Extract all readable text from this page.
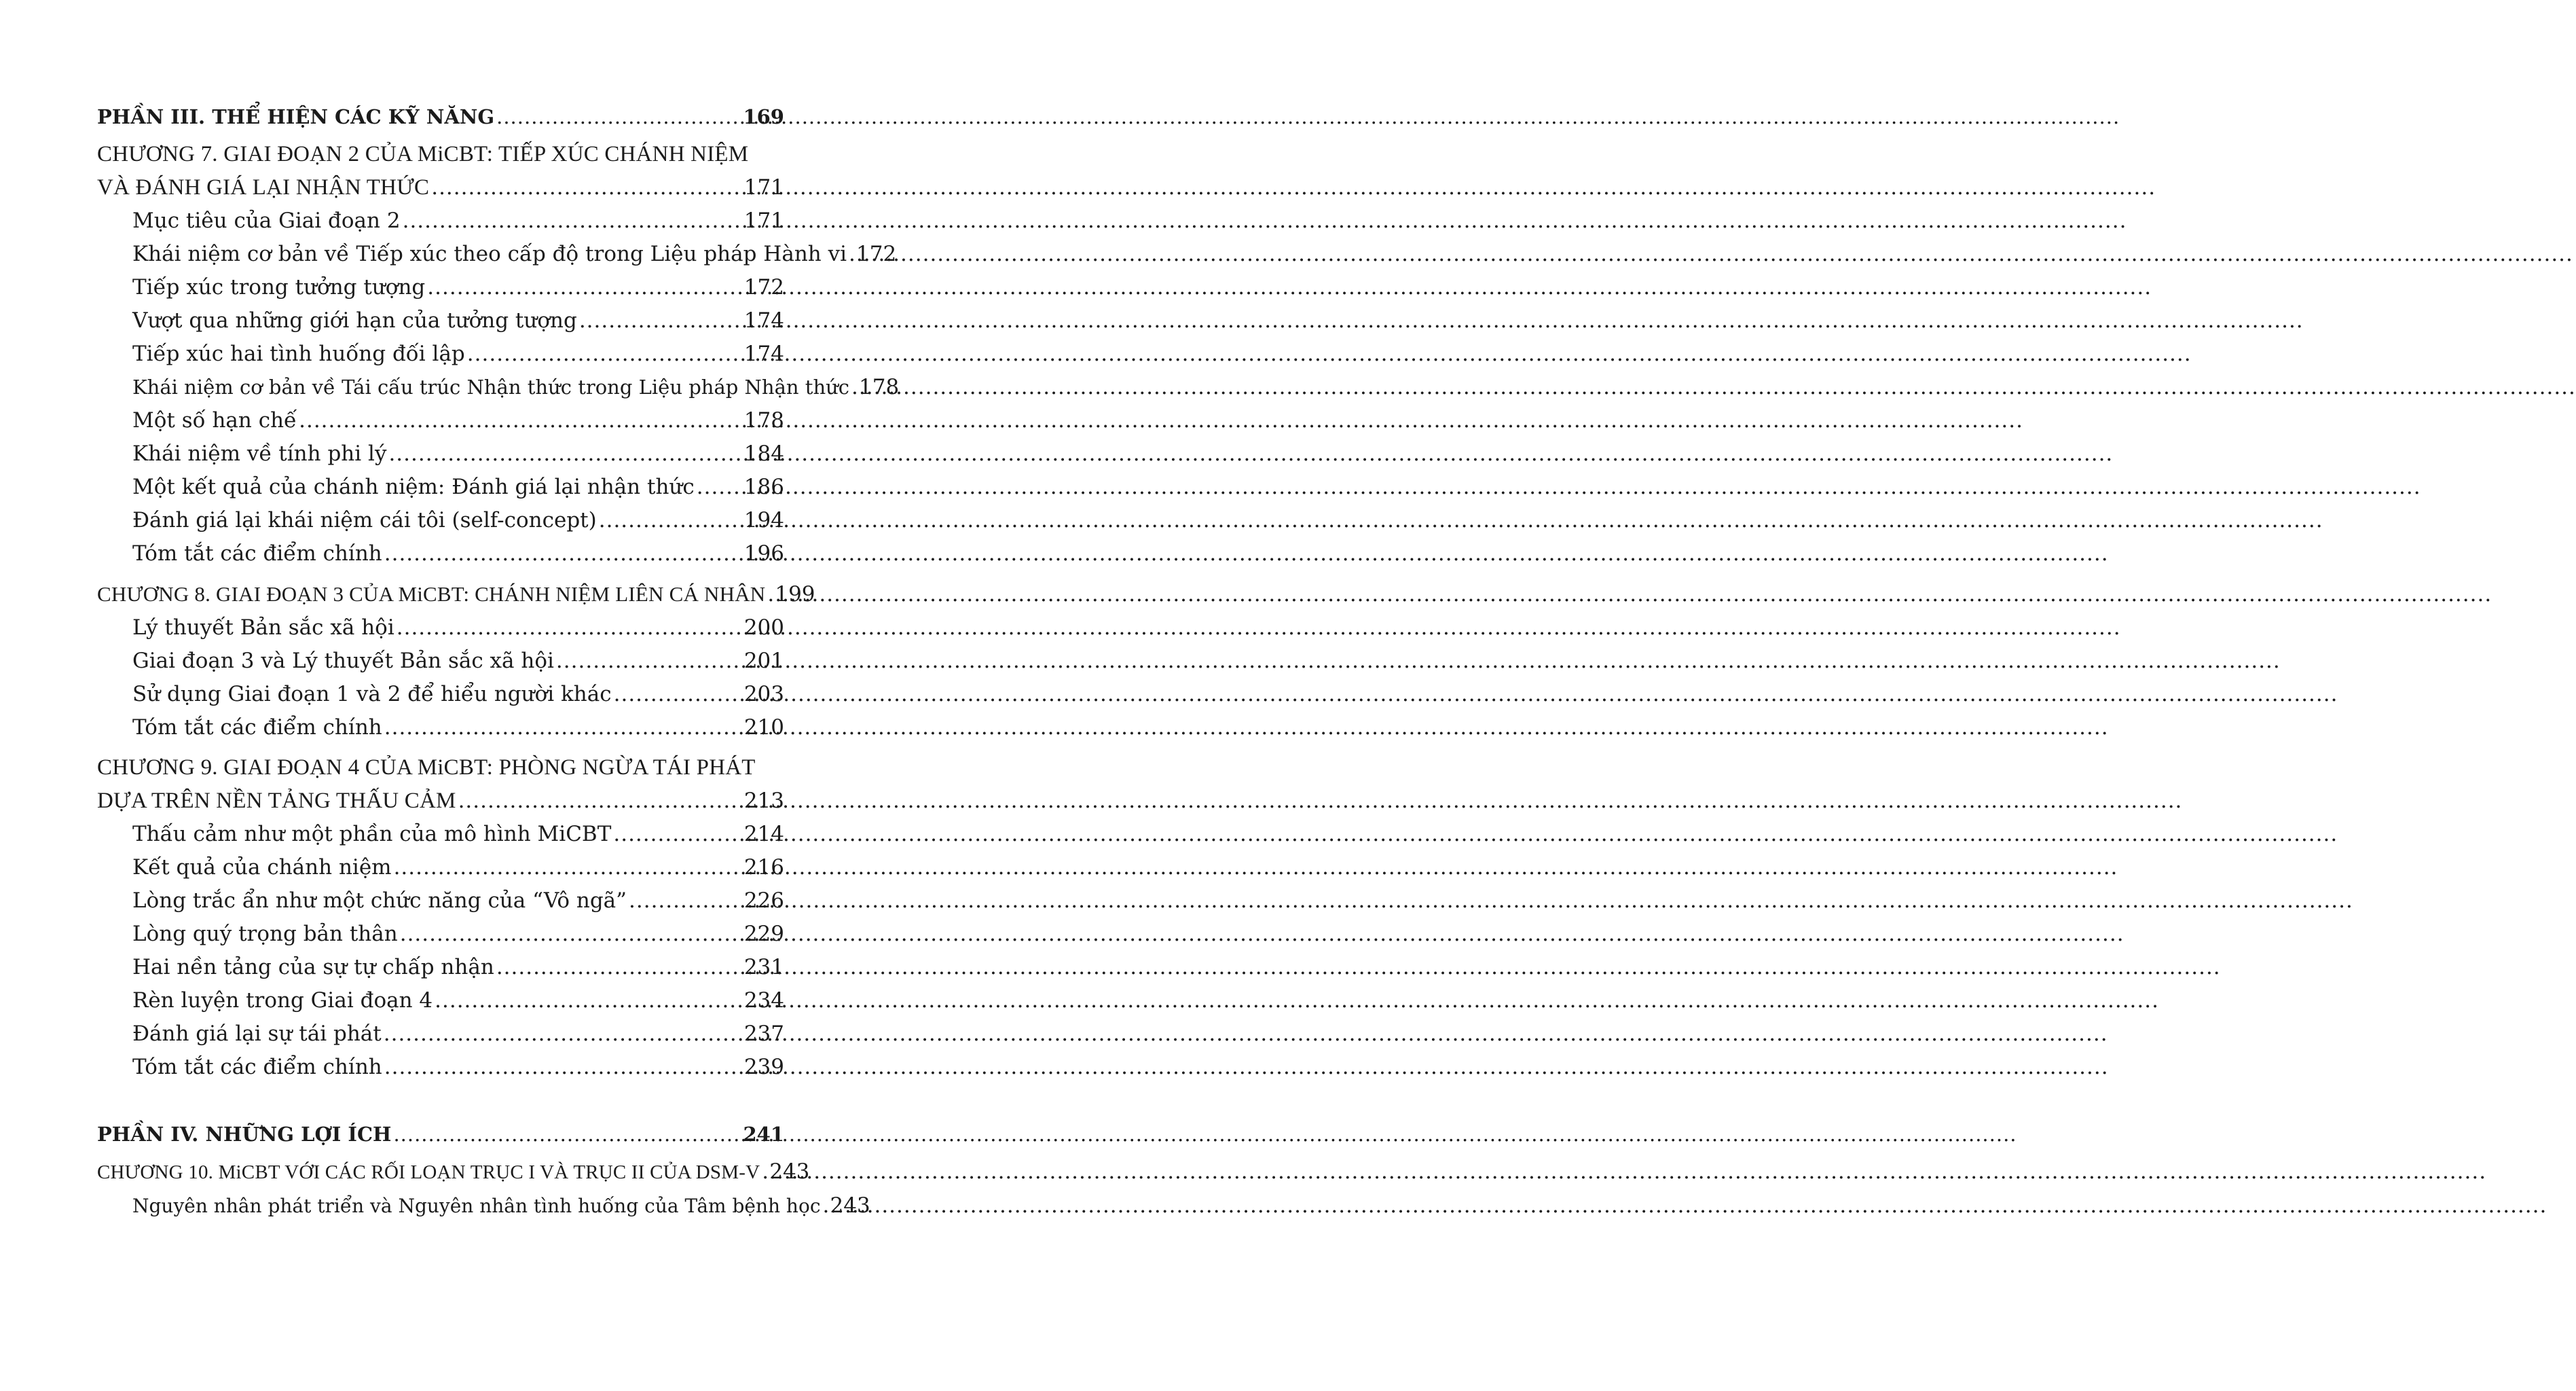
PHẦN III. THỂ HIỆN CÁC KỸ NĂNG .....	169
CHƯƠNG 7. GIAI ĐOẠN 2 CỦA MiCBT: TIẾP XÚC CHÁNH NIỆM
VÀ ĐÁNH GIÁ LẠI NHẬN THỨC .....	171
Mục tiêu của Giai đoạn 2 .....	171
Khái niệm cơ bản về Tiếp xúc theo cấp độ trong Liệu pháp Hành vi ..... 172
Tiếp xúc trong tưởng tượng .....	172
Vượt qua những giới hạn của tưởng tượng .....	174
Tiếp xúc hai tình huống đối lập .....	174
Khái niệm cơ bản về Tái cấu trúc Nhận thức trong Liệu pháp Nhận thức ..... 178
Một số hạn chế .....	178
Khái niệm về tính phi lý .....	184
Một kết quả của chánh niệm: Đánh giá lại nhận thức ..... 186
Đánh giá lại khái niệm cái tôi (self-concept) .....	194
Tóm tắt các điểm chính .....	196
CHƯƠNG 8. GIAI ĐOẠN 3 CỦA MiCBT: CHÁNH NIỆM LIÊN CÁ NHÂN ..... 199
Lý thuyết Bản sắc xã hội .....	200
Giai đoạn 3 và Lý thuyết Bản sắc xã hội .....	201
Sử dụng Giai đoạn 1 và 2 để hiểu người khác .....	203
Tóm tắt các điểm chính .....	210
CHƯƠNG 9. GIAI ĐOẠN 4 CỦA MiCBT: PHÒNG NGỪA TÁI PHÁT
DỰA TRÊN NỀN TẢNG THẤU CẢM .....	213
Thấu cảm như một phần của mô hình MiCBT .....	214
Kết quả của chánh niệm .....	216
Lòng trắc ẩn như một chức năng của “Vô ngã” .....	226
Lòng quý trọng bản thân .....	229
Hai nền tảng của sự tự chấp nhận .....	231
Rèn luyện trong Giai đoạn 4 .....	234
Đánh giá lại sự tái phát .....	237
Tóm tắt các điểm chính .....	239
PHẦN IV. NHỮNG LỢI ÍCH .....	241
CHƯƠNG 10. MiCBT VỚI CÁC RỐI LOẠN TRỤC I VÀ TRỤC II CỦA DSM-V ..... 243
Nguyên nhân phát triển và Nguyên nhân tình huống của Tâm bệnh học ..... 243
